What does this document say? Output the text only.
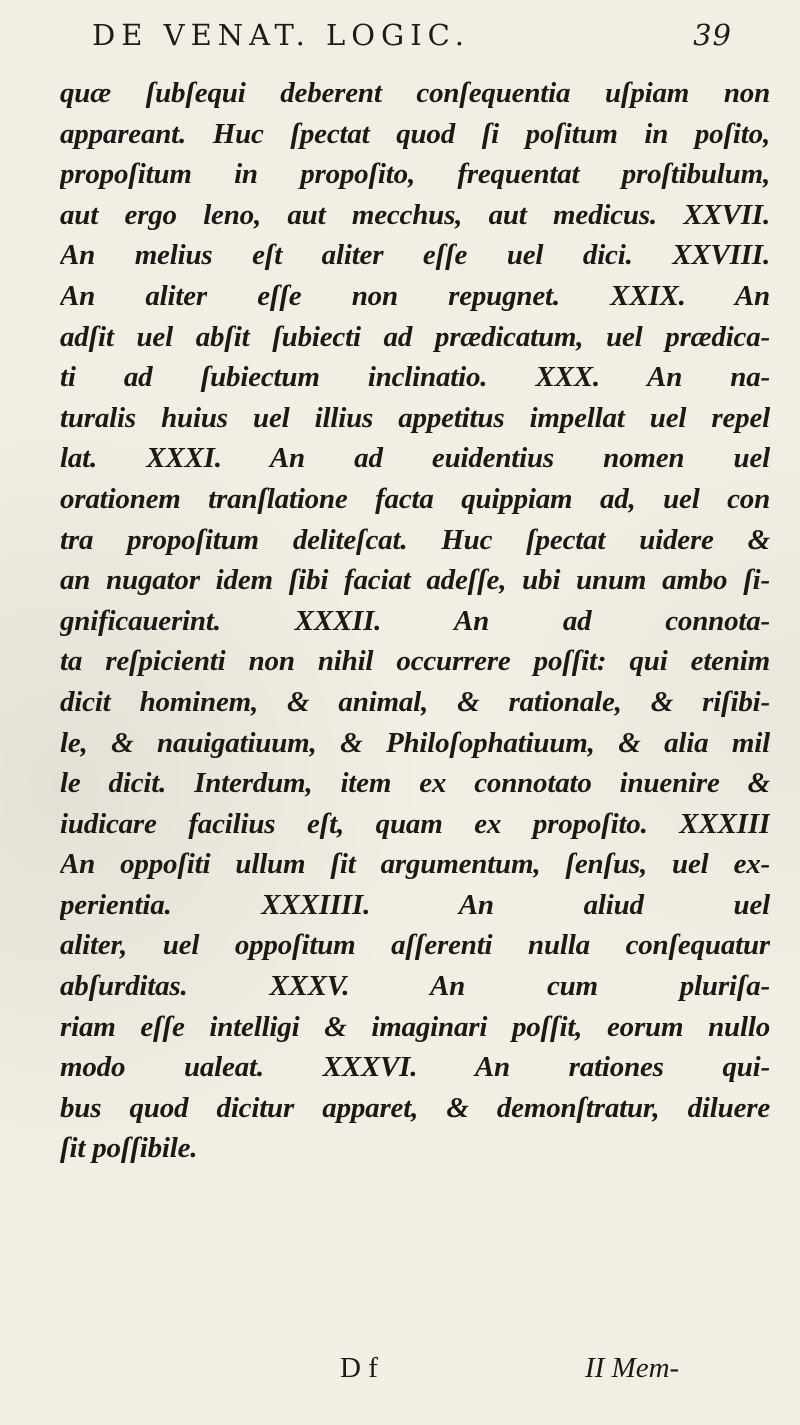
DE VENAT. LOGIC.	39
quæ ſubſequi deberent conſequentia uſpiam non
appareant. Huc ſpectat quod ſi poſitum in poſito,
propoſitum in propoſito, frequentat proſtibulum,
aut ergo leno, aut mecchus, aut medicus. XXVII.
An melius eſt aliter eſſe uel dici. XXVIII.
An aliter eſſe non repugnet. XXIX. An
adſit uel abſit ſubiecti ad prædicatum, uel prædica-
ti ad ſubiectum inclinatio. XXX. An na-
turalis huius uel illius appetitus impellat uel repel
lat. XXXI. An ad euidentius nomen uel
orationem tranſlatione facta quippiam ad, uel con
tra propoſitum deliteſcat. Huc ſpectat uidere &
an nugator idem ſibi faciat adeſſe, ubi unum ambo ſi-
gnificauerint. XXXII. An ad connota-
ta reſpicienti non nihil occurrere poſſit: qui etenim
dicit hominem, & animal, & rationale, & riſibi-
le, & nauigatiuum, & Philoſophatiuum, & alia mil
le dicit. Interdum, item ex connotato inuenire &
iudicare facilius eſt, quam ex propoſito. XXXIII
An oppoſiti ullum ſit argumentum, ſenſus, uel ex-
perientia. XXXIIII. An aliud uel
aliter, uel oppoſitum aſſerenti nulla conſequatur
abſurditas. XXXV. An cum pluriſa-
riam eſſe intelligi & imaginari poſſit, eorum nullo
modo ualeat. XXXVI. An rationes qui-
bus quod dicitur apparet, & demonſtratur, diluere
ſit poſſibile.
D f	II Mem-
